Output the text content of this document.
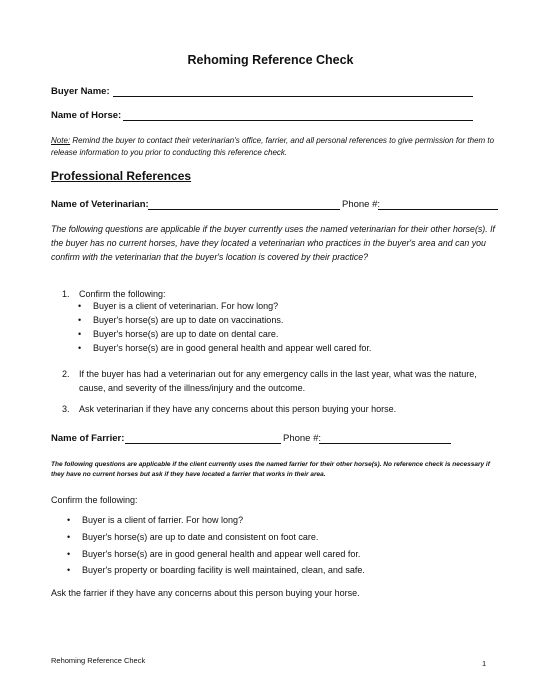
Rehoming Reference Check
Buyer Name:
Name of Horse:
Note: Remind the buyer to contact their veterinarian's office, farrier, and all personal references to give permission for them to release information to you prior to conducting this reference check.
Professional References
Name of Veterinarian:	Phone #:
The following questions are applicable if the buyer currently uses the named veterinarian for their other horse(s). If the buyer has no current horses, have they located a veterinarian who practices in the buyer's area and can you confirm with the veterinarian that the buyer's location is covered by their practice?
1. Confirm the following:
• Buyer is a client of veterinarian. For how long?
• Buyer's horse(s) are up to date on vaccinations.
• Buyer's horse(s) are up to date on dental care.
• Buyer's horse(s) are in good general health and appear well cared for.
2. If the buyer has had a veterinarian out for any emergency calls in the last year, what was the nature, cause, and severity of the illness/injury and the outcome.
3. Ask veterinarian if they have any concerns about this person buying your horse.
Name of Farrier:	Phone #:
The following questions are applicable if the client currently uses the named farrier for their other horse(s). No reference check is necessary if they have no current horses but ask if they have located a farrier that works in their area.
Confirm the following:
• Buyer is a client of farrier. For how long?
• Buyer's horse(s) are up to date and consistent on foot care.
• Buyer's horse(s) are in good general health and appear well cared for.
• Buyer's property or boarding facility is well maintained, clean, and safe.
Ask the farrier if they have any concerns about this person buying your horse.
Rehoming Reference Check	1
